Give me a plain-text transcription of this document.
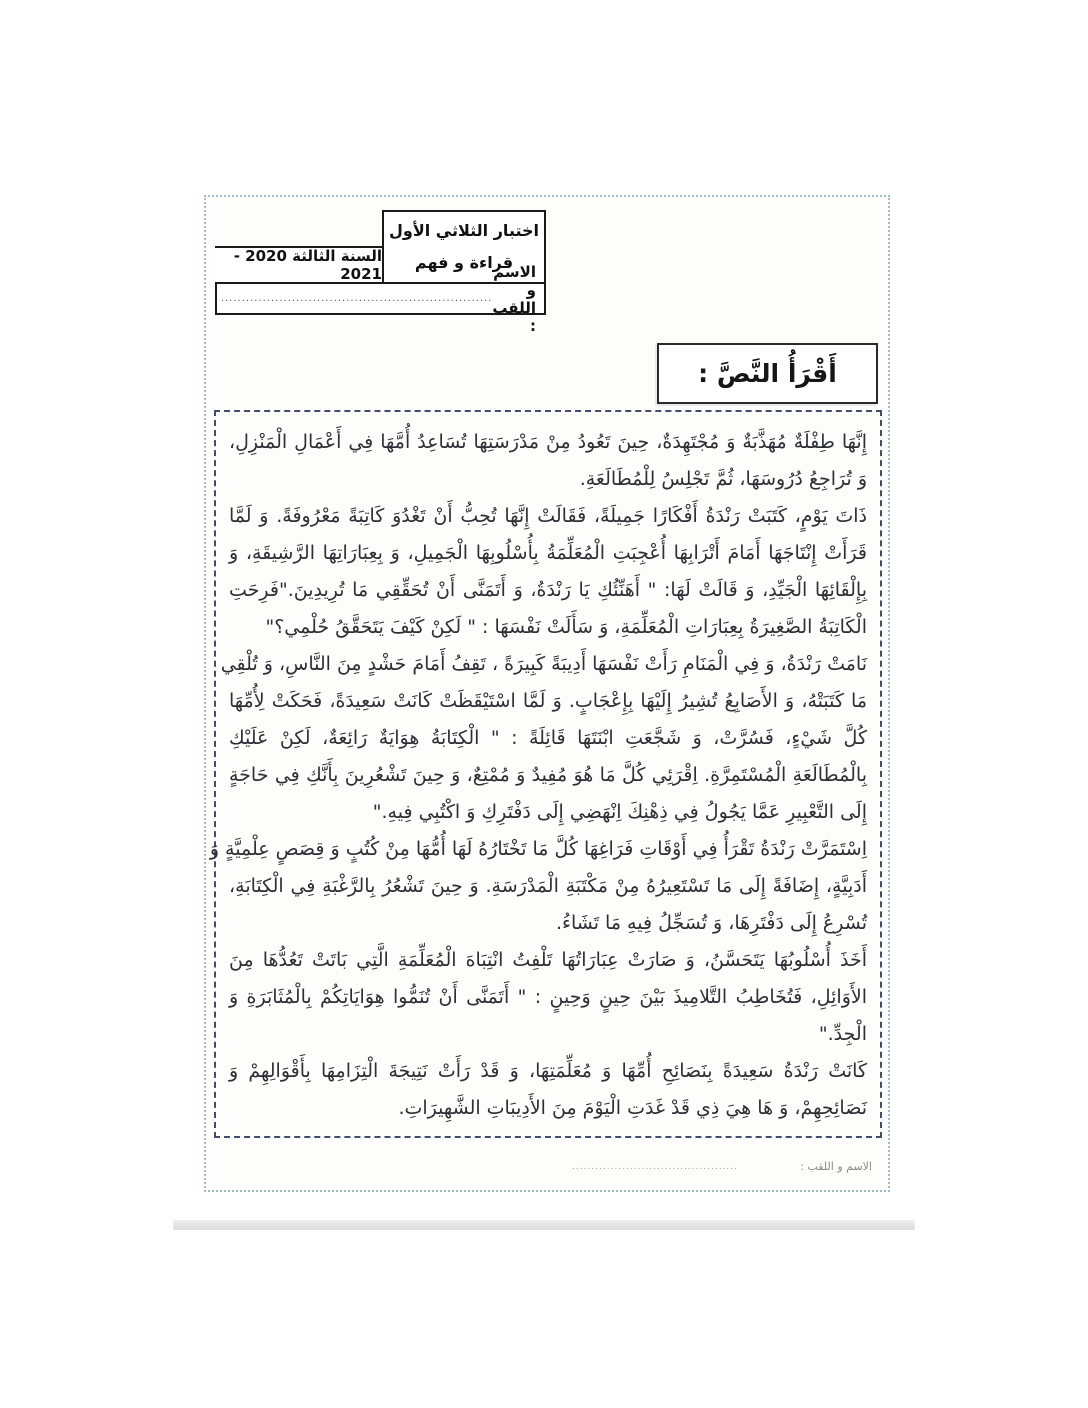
اختبار الثلاثي الأول
قراءة و فهم
السنة الثالثة 2020 - 2021	الاسم و اللقب :
.................................................................
أَقْرَأُ النَّصَّ :
إِنَّهَا طِفْلَةٌ مُهَذَّبَةٌ وَ مُجْتَهِدَةٌ، حِينَ تَعُودُ مِنْ مَدْرَسَتِهَا تُسَاعِدُ أُمَّهَا فِي أَعْمَالِ الْمَنْزِلِ،
وَ تُرَاجِعُ دُرُوسَهَا، ثُمَّ تَجْلِسُ لِلْمُطَالَعَةِ.
ذَاتَ يَوْمٍ، كَتَبَتْ رَنْدَةُ أَفْكَارًا جَمِيلَةً، فَقَالَتْ إِنَّهَا تُحِبُّ أَنْ تَغْدُوَ كَاتِبَةً مَعْرُوفَةً. وَ لَمَّا
قَرَأَتْ إِنْتَاجَهَا أَمَامَ أَتْرَابِهَا أُعْجِبَتِ الْمُعَلِّمَةُ بِأُسْلُوبِهَا الْجَمِيلِ، وَ بِعِبَارَاتِهَا الرَّشِيقَةِ، وَ
بِإِلْقَائِهَا الْجَيِّدِ، وَ قَالَتْ لَهَا: " أَهَنِّئُكِ يَا رَنْدَةُ، وَ أَتَمَنَّى أَنْ تُحَقِّقِي مَا تُرِيدِينَ."فَرِحَتِ
الْكَاتِبَةُ الصَّغِيرَةُ بِعِبَارَاتِ الْمُعَلِّمَةِ، وَ سَأَلَتْ نَفْسَهَا : " لَكِنْ كَيْفَ يَتَحَقَّقُ حُلْمِي؟"
نَامَتْ رَنْدَةُ، وَ فِي الْمَنَامِ رَأَتْ نَفْسَهَا أَدِيبَةً كَبِيرَةً ، تَقِفُ أَمَامَ حَشْدٍ مِنَ النَّاسِ، وَ تُلْقِي
مَا كَتَبَتْهُ، وَ الأَصَابِعُ تُشِيرُ إِلَيْهَا بِإِعْجَابٍ. وَ لَمَّا اسْتَيْقَظَتْ كَانَتْ سَعِيدَةً، فَحَكَتْ لِأُمِّهَا
كُلَّ شَيْءٍ، فَسُرَّتْ، وَ شَجَّعَتِ ابْنَتَهَا قَائِلَةً : " الْكِتَابَةُ هِوَايَةٌ رَائِعَةٌ، لَكِنْ عَلَيْكِ
بِالْمُطَالَعَةِ الْمُسْتَمِرَّةِ. اِقْرَئِي كُلَّ مَا هُوَ مُفِيدٌ وَ مُمْتِعٌ، وَ حِينَ تَشْعُرِينَ بِأَنَّكِ فِي حَاجَةٍ
إِلَى التَّعْبِيرِ عَمَّا يَجُولُ فِي ذِهْنِكَ اِنْهَضِي إِلَى دَفْتَرِكِ وَ اكْتُبِي فِيهِ."
اِسْتَمَرَّتْ رَنْدَةُ تَقْرَأُ فِي أَوْقَاتِ فَرَاغِهَا كُلَّ مَا تَخْتَارُهُ لَهَا أُمُّهَا مِنْ كُتُبٍ وَ قِصَصٍ عِلْمِيَّةٍ وَ
أَدَبِيَّةٍ، إِضَافَةً إِلَى مَا تَسْتَعِيرُهُ مِنْ مَكْتَبَةِ الْمَدْرَسَةِ. وَ حِينَ تَشْعُرُ بِالرَّغْبَةِ فِي الْكِتَابَةِ،
تُسْرِعُ إِلَى دَفْتَرِهَا، وَ تُسَجِّلُ فِيهِ مَا تَشَاءُ.
أَخَذَ أُسْلُوبُهَا يَتَحَسَّنُ، وَ صَارَتْ عِبَارَاتُهَا تَلْفِتُ انْتِبَاهَ الْمُعَلِّمَةِ الَّتِي بَاتَتْ تَعُدُّهَا مِنَ
الأَوَائِلِ، فَتُخَاطِبُ التَّلامِيذَ بَيْنَ حِينٍ وَحِينٍ : " أَتَمَنَّى أَنْ تُنَمُّوا هِوَايَاتِكُمْ بِالْمُثَابَرَةِ وَ
الْجِدِّ."
كَانَتْ رَنْدَةُ سَعِيدَةً بِنَصَائِحِ أُمِّهَا وَ مُعَلِّمَتِهَا، وَ قَدْ رَأَتْ نَتِيجَةَ الْتِزَامِهَا بِأَقْوَالِهِمْ وَ
نَصَائِحِهِمْ، وَ هَا هِيَ ذِي قَدْ غَدَتِ الْيَوْمَ مِنَ الأَدِيبَاتِ الشَّهِيرَاتِ.
الاسم و اللقب :
...........................................
